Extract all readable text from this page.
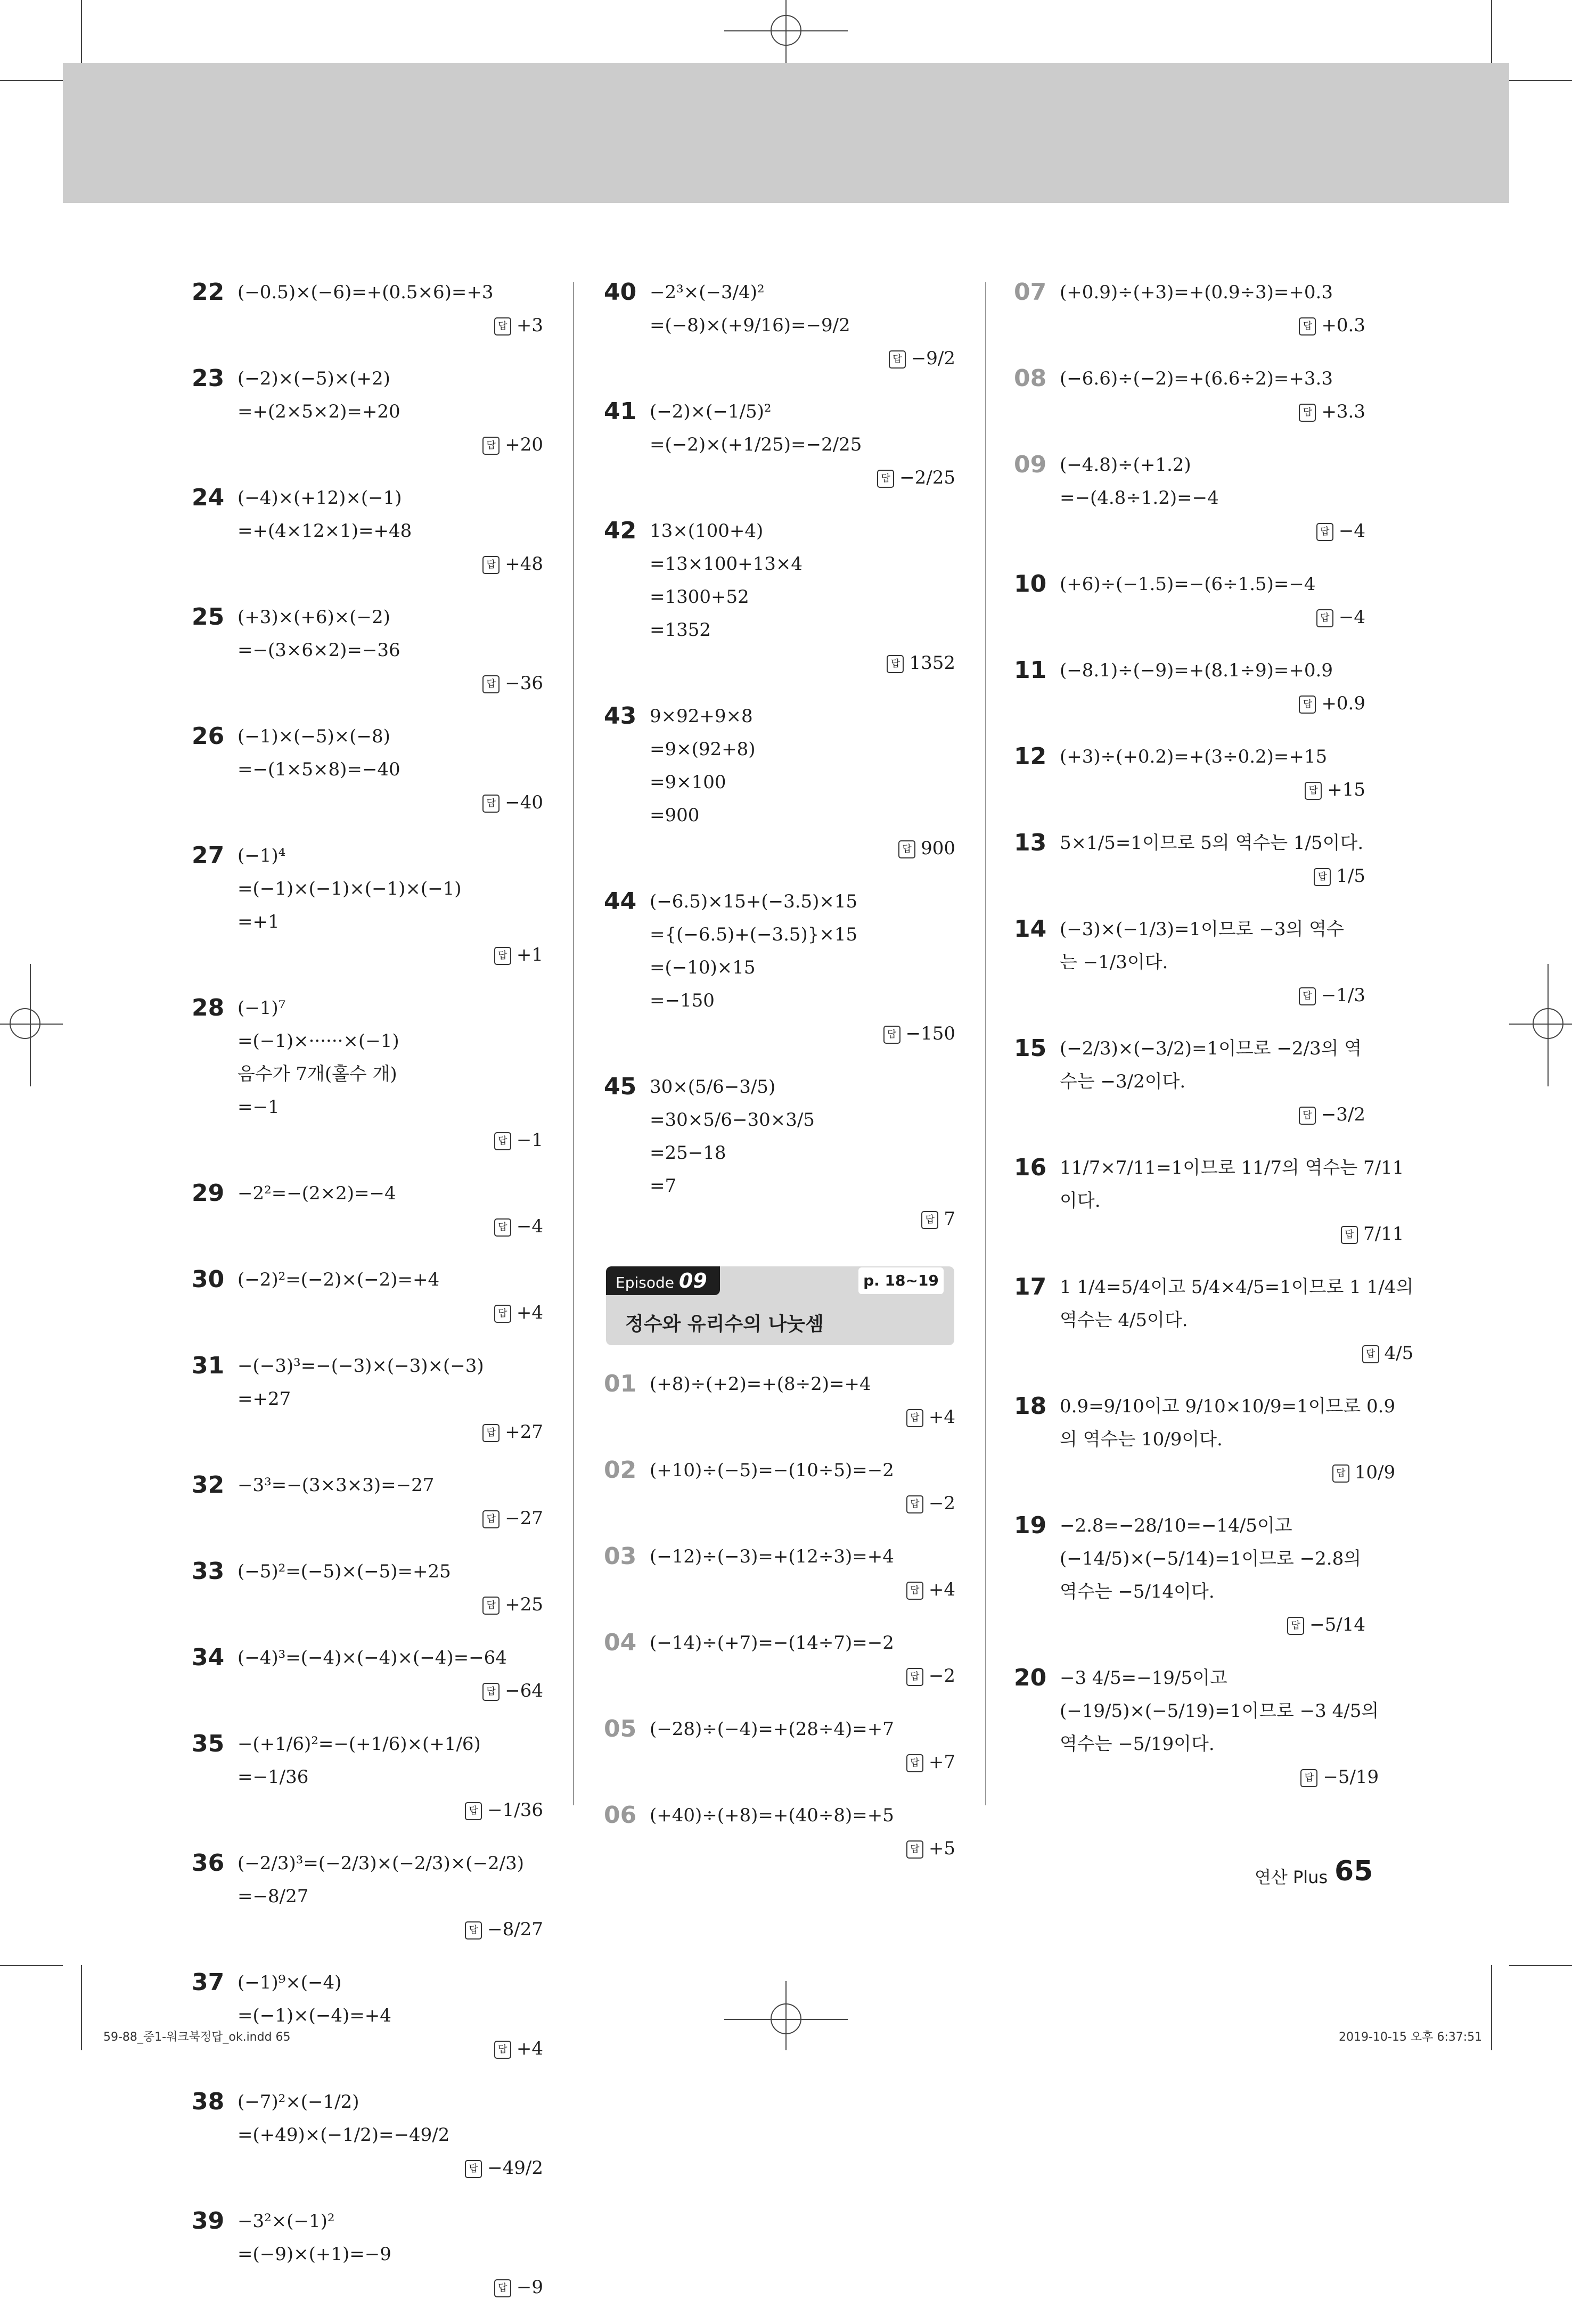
22 (−0.5)×(−6)=+(0.5×6)=+3
답 +3
23 (−2)×(−5)×(+2)
=+(2×5×2)=+20
답 +20
24 (−4)×(+12)×(−1)
=+(4×12×1)=+48
답 +48
25 (+3)×(+6)×(−2)
=−(3×6×2)=−36
답 −36
26 (−1)×(−5)×(−8)
=−(1×5×8)=−40
답 −40
27 (−1)⁴
=(−1)×(−1)×(−1)×(−1)
=+1
답 +1
28 (−1)⁷
=(−1)×······×(−1)
음수가 7개(홀수 개)
=−1
답 −1
29 −2²=−(2×2)=−4
답 −4
30 (−2)²=(−2)×(−2)=+4
답 +4
31 −(−3)³=−(−3)×(−3)×(−3)
=+27
답 +27
32 −3³=−(3×3×3)=−27
답 −27
33 (−5)²=(−5)×(−5)=+25
답 +25
34 (−4)³=(−4)×(−4)×(−4)=−64
답 −64
35 −(+1/6)²=−(+1/6)×(+1/6)
=−1/36
답 −1/36
36 (−2/3)³=(−2/3)×(−2/3)×(−2/3)
=−8/27
답 −8/27
37 (−1)⁹×(−4)
=(−1)×(−4)=+4
답 +4
38 (−7)²×(−1/2)
=(+49)×(−1/2)=−49/2
답 −49/2
39 −3²×(−1)²
=(−9)×(+1)=−9
답 −9
40 −2³×(−3/4)²
=(−8)×(+9/16)=−9/2
답 −9/2
41 (−2)×(−1/5)²
=(−2)×(+1/25)=−2/25
답 −2/25
42 13×(100+4)
=13×100+13×4
=1300+52
=1352
답 1352
43 9×92+9×8
=9×(92+8)
=9×100
=900
답 900
44 (−6.5)×15+(−3.5)×15
={(−6.5)+(−3.5)}×15
=(−10)×15
=−150
답 −150
45 30×(5/6−3/5)
=30×5/6−30×3/5
=25−18
=7
답 7
Episode 09	p. 18~19
정수와 유리수의 나눗셈
01 (+8)÷(+2)=+(8÷2)=+4
답 +4
02 (+10)÷(−5)=−(10÷5)=−2
답 −2
03 (−12)÷(−3)=+(12÷3)=+4
답 +4
04 (−14)÷(+7)=−(14÷7)=−2
답 −2
05 (−28)÷(−4)=+(28÷4)=+7
답 +7
06 (+40)÷(+8)=+(40÷8)=+5
답 +5
07 (+0.9)÷(+3)=+(0.9÷3)=+0.3
답 +0.3
08 (−6.6)÷(−2)=+(6.6÷2)=+3.3
답 +3.3
09 (−4.8)÷(+1.2)
=−(4.8÷1.2)=−4
답 −4
10 (+6)÷(−1.5)=−(6÷1.5)=−4
답 −4
11 (−8.1)÷(−9)=+(8.1÷9)=+0.9
답 +0.9
12 (+3)÷(+0.2)=+(3÷0.2)=+15
답 +15
13 5×1/5=1이므로 5의 역수는 1/5이다.
답 1/5
14 (−3)×(−1/3)=1이므로 −3의 역수
는 −1/3이다.
답 −1/3
15 (−2/3)×(−3/2)=1이므로 −2/3의 역
수는 −3/2이다.
답 −3/2
16 11/7×7/11=1이므로 11/7의 역수는 7/11
이다.
답 7/11
17 1 1/4=5/4이고 5/4×4/5=1이므로 1 1/4의
역수는 4/5이다.
답 4/5
18 0.9=9/10이고 9/10×10/9=1이므로 0.9
의 역수는 10/9이다.
답 10/9
19 −2.8=−28/10=−14/5이고
(−14/5)×(−5/14)=1이므로 −2.8의
역수는 −5/14이다.
답 −5/14
20 −3 4/5=−19/5이고
(−19/5)×(−5/19)=1이므로 −3 4/5의
역수는 −5/19이다.
답 −5/19
연산 Plus 65
59-88_중1-워크북정답_ok.indd 65	2019-10-15 오후 6:37:51
